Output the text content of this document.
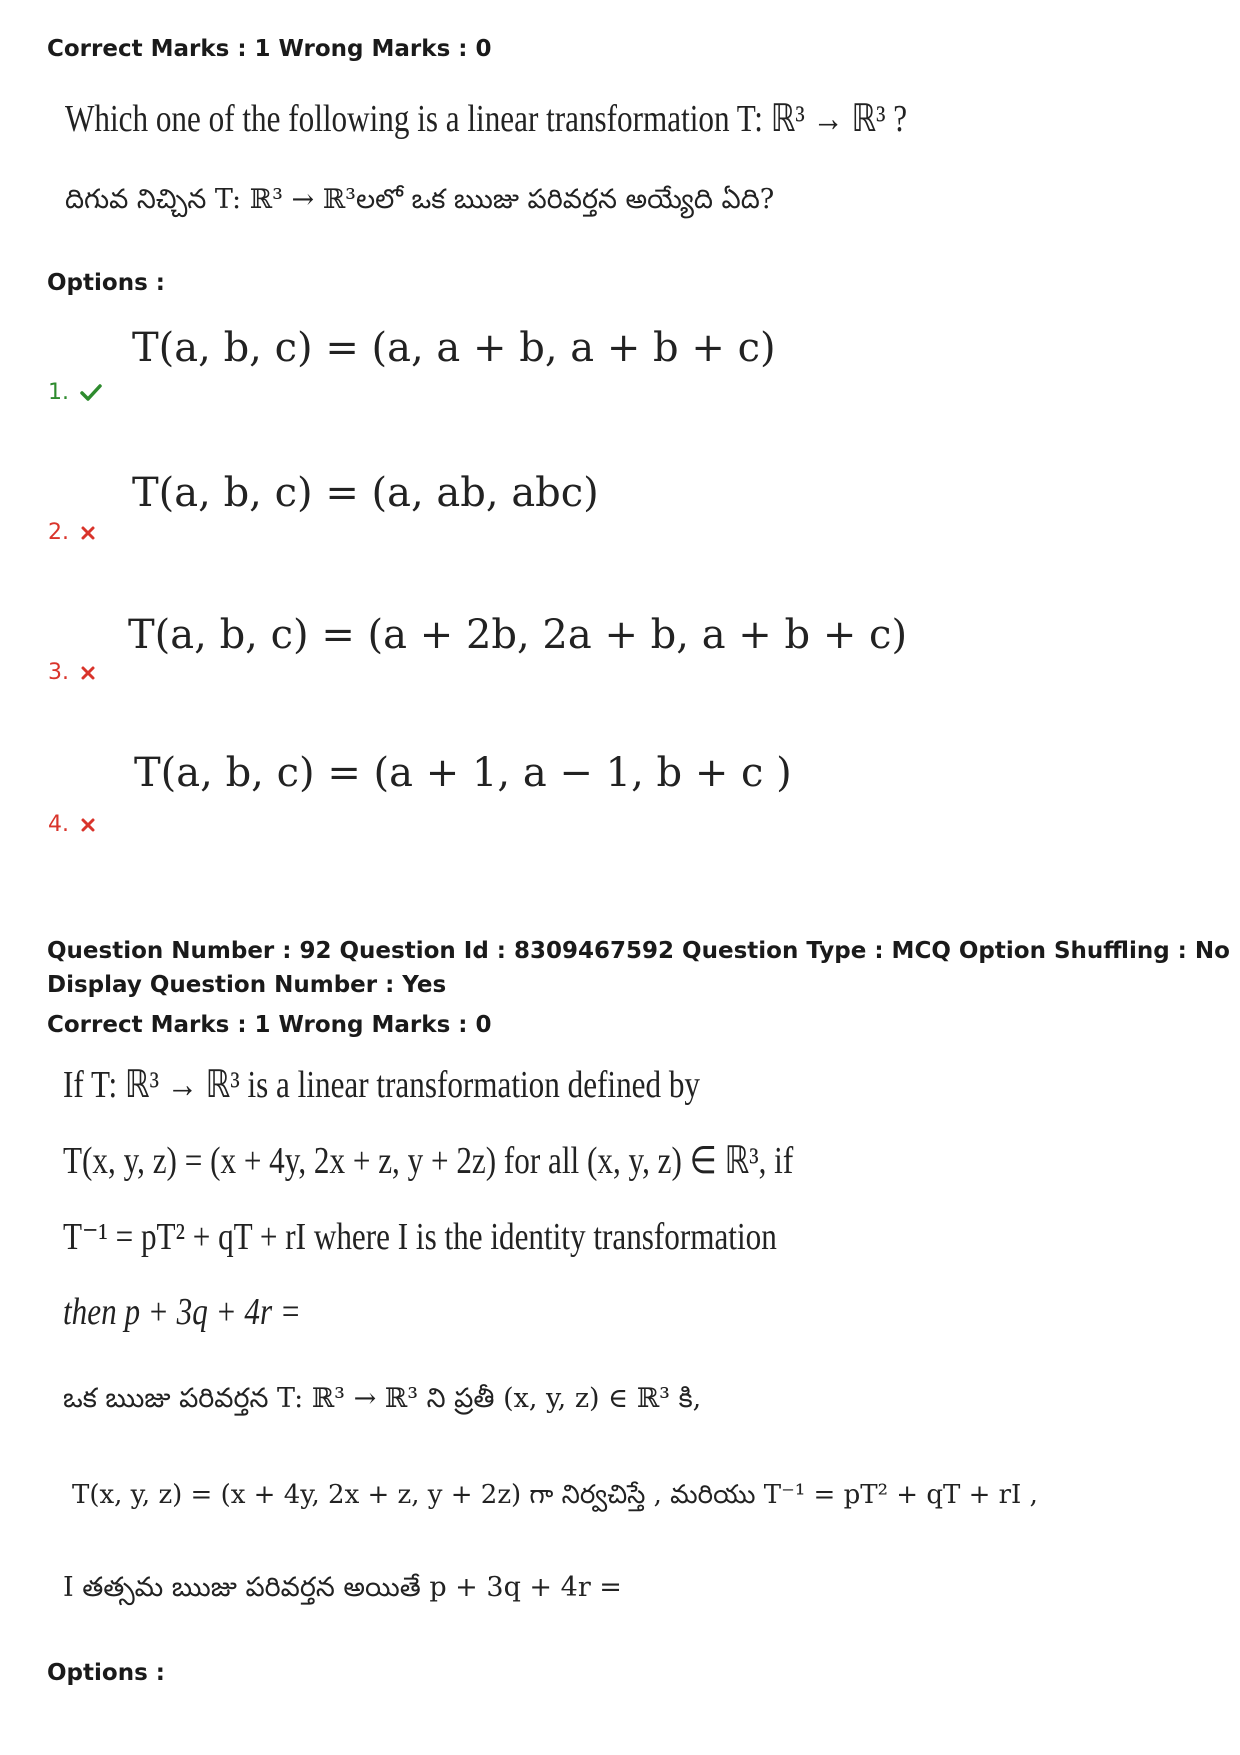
Correct Marks : 1 Wrong Marks : 0
Which one of the following is a linear transformation T: ℝ³ → ℝ³ ?
దిగువ నిచ్చిన T: ℝ³ → ℝ³లలో ఒక ఋజు పరివర్తన అయ్యేది ఏది?
Options :
T(a, b, c) = (a, a + b, a + b + c)
1.
T(a, b, c) = (a, ab, abc)
2.
T(a, b, c) = (a + 2b, 2a + b, a + b + c)
3.
T(a, b, c) = (a + 1, a − 1, b + c )
4.
Question Number : 92 Question Id : 8309467592 Question Type : MCQ Option Shuffling : No
Display Question Number : Yes
Correct Marks : 1 Wrong Marks : 0
If T: ℝ³ → ℝ³ is a linear transformation defined by
T(x, y, z) = (x + 4y, 2x + z, y + 2z) for all (x, y, z) ∈ ℝ³, if
T⁻¹ = pT² + qT + rI where I is the identity transformation
then p + 3q + 4r =
ఒక ఋజు పరివర్తన T: ℝ³ → ℝ³ ని ప్రతీ (x, y, z) ∈ ℝ³ కి,
T(x, y, z) = (x + 4y, 2x + z, y + 2z) గా నిర్వచిస్తే , మరియు T⁻¹ = pT² + qT + rI ,
I తత్సమ ఋజు పరివర్తన అయితే p + 3q + 4r =
Options :
